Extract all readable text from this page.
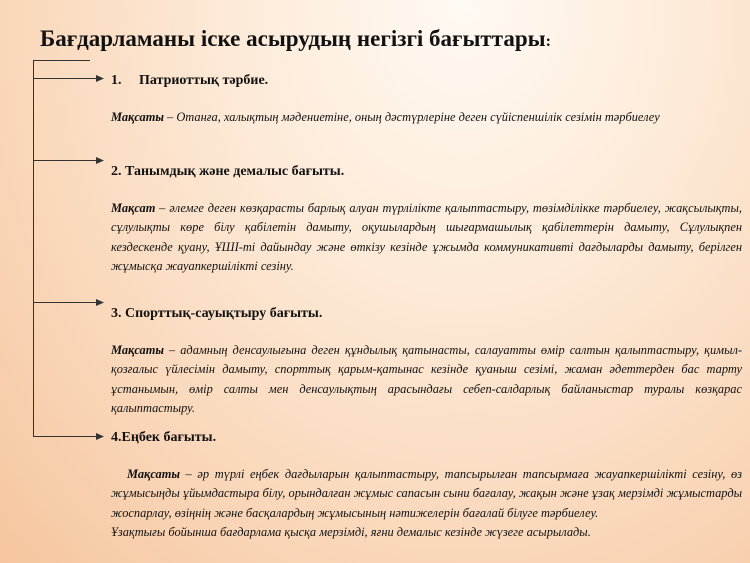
Бағдарламаны іске асырудың негізгі бағыттары:

1. Патриоттық тәрбие.

Мақсаты – Отанға, халықтың мәдениетіне, оның дәстүрлеріне деген сүйіспеншілік сезімін тәрбиелеу

2. Танымдық және демалыс бағыты.

Мақсат – әлемге деген көзқарасты барлық алуан түрлілікте қалыптастыру, төзімділікке тәрбиелеу, жақсылықты, сұлулықты көре білу қабілетін дамыту, оқушылардың шығармашылық қабілеттерін дамыту, Сұлулықпен кездескенде қуану, ҰШІ-ті дайындау және өткізу кезінде ұжымда коммуникативті дағдыларды дамыту, берілген жұмысқа жауапкершілікті сезіну.

3. Спорттық-сауықтыру бағыты.

Мақсаты – адамның денсаулығына деген құндылық қатынасты, салауатты өмір салтын қалыптастыру, қимыл-қозғалыс үйлесімін дамыту, спорттық қарым-қатынас кезінде қуаныш сезімі, жаман әдеттерден бас тарту ұстанымын, өмір салты мен денсаулықтың арасындағы себеп-салдарлық байланыстар туралы көзқарас қалыптастыру.

4.Еңбек бағыты.

Мақсаты – әр түрлі еңбек дағдыларын қалыптастыру, тапсырылған тапсырмаға жауапкершілікті сезіну, өз жұмысыңды ұйымдастыра білу, орындалған жұмыс сапасын сыни бағалау, жақын және ұзақ мерзімді жұмыстарды жоспарлау, өзіңнің және басқалардың жұмысының нәтижелерін бағалай білуге тәрбиелеу.
Ұзақтығы бойынша бағдарлама қысқа мерзімді, яғни демалыс кезінде жүзеге асырылады.
